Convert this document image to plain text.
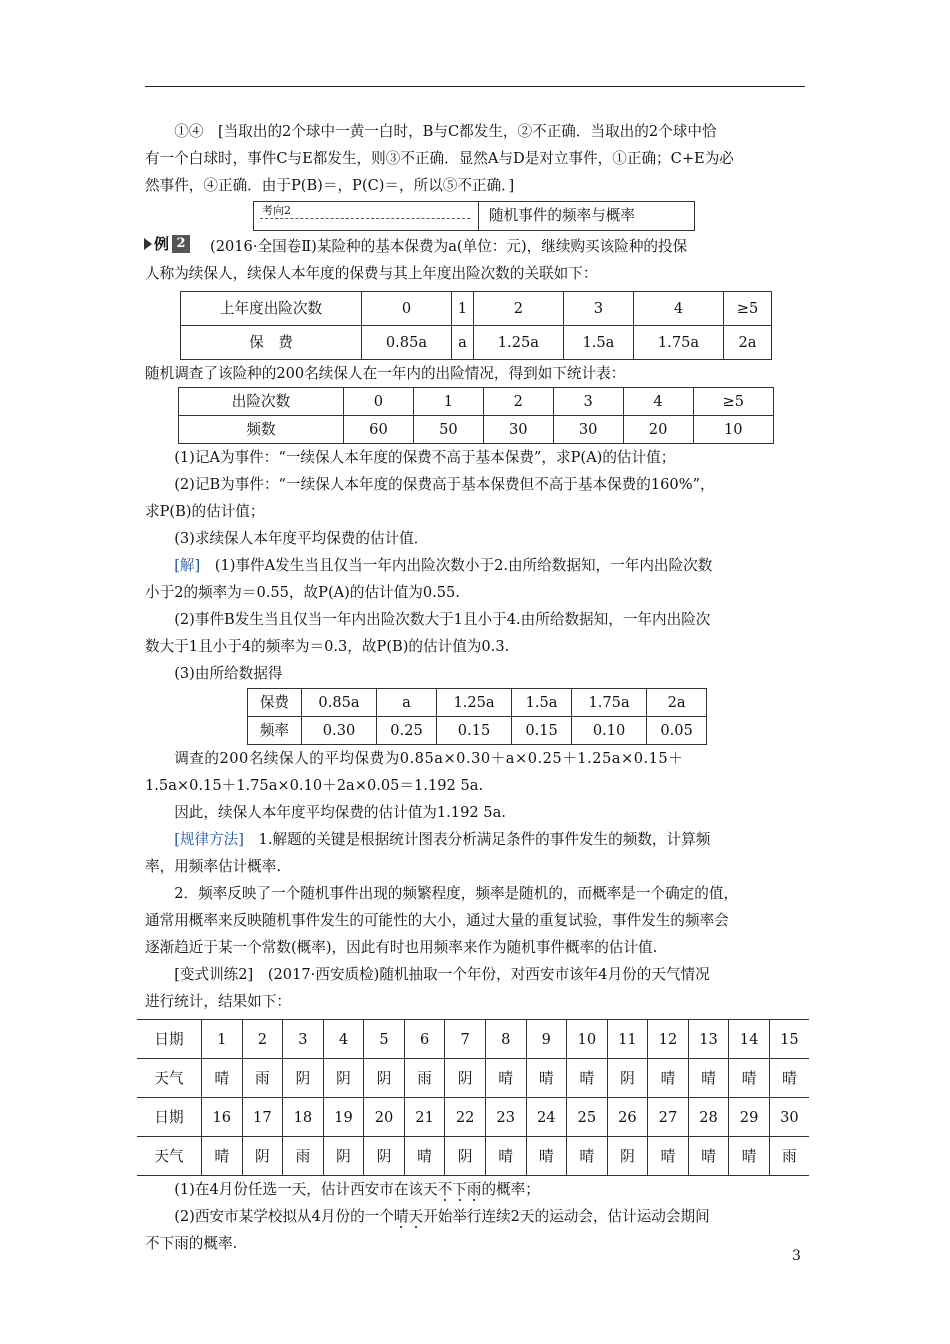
①④　[当取出的2个球中一黄一白时，B与C都发生，②不正确．当取出的2个球中恰

有一个白球时，事件C与E都发生，则③不正确．显然A与D是对立事件，①正确；C+E为必

然事件，④正确．由于P(B)＝，P(C)＝，所以⑤不正确．]

考向2	随机事件的频率与概率

例 2	(2016·全国卷Ⅱ)某险种的基本保费为a(单位：元)，继续购买该险种的投保

人称为续保人，续保人本年度的保费与其上年度出险次数的关联如下：

上年度出险次数	0	1	2	3	4	≥5
保　费	0.85a	a	1.25a	1.5a	1.75a	2a

随机调查了该险种的200名续保人在一年内的出险情况，得到如下统计表：

出险次数	0	1	2	3	4	≥5
频数	60	50	30	30	20	10

(1)记A为事件：“一续保人本年度的保费不高于基本保费”，求P(A)的估计值；

(2)记B为事件：“一续保人本年度的保费高于基本保费但不高于基本保费的160%”，

求P(B)的估计值；

(3)求续保人本年度平均保费的估计值．

[解]　(1)事件A发生当且仅当一年内出险次数小于2.由所给数据知，一年内出险次数

小于2的频率为＝0.55，故P(A)的估计值为0.55.

(2)事件B发生当且仅当一年内出险次数大于1且小于4.由所给数据知，一年内出险次

数大于1且小于4的频率为＝0.3，故P(B)的估计值为0.3.

(3)由所给数据得

保费	0.85a	a	1.25a	1.5a	1.75a	2a
频率	0.30	0.25	0.15	0.15	0.10	0.05

调查的200名续保人的平均保费为0.85a×0.30＋a×0.25＋1.25a×0.15＋

1.5a×0.15＋1.75a×0.10＋2a×0.05＝1.192 5a.

因此，续保人本年度平均保费的估计值为1.192 5a.

[规律方法]　1.解题的关键是根据统计图表分析满足条件的事件发生的频数，计算频

率，用频率估计概率.

2．频率反映了一个随机事件出现的频繁程度，频率是随机的，而概率是一个确定的值，

通常用概率来反映随机事件发生的可能性的大小，通过大量的重复试验，事件发生的频率会

逐渐趋近于某一个常数(概率)，因此有时也用频率来作为随机事件概率的估计值.

[变式训练2]　(2017·西安质检)随机抽取一个年份，对西安市该年4月份的天气情况

进行统计，结果如下：

日期	1	2	3	4	5	6	7	8	9	10	11	12	13	14	15
天气	晴	雨	阴	阴	阴	雨	阴	晴	晴	晴	阴	晴	晴	晴	晴
日期	16	17	18	19	20	21	22	23	24	25	26	27	28	29	30
天气	晴	阴	雨	阴	阴	晴	阴	晴	晴	晴	阴	晴	晴	晴	雨

(1)在4月份任选一天，估计西安市在该天不下雨的概率；

(2)西安市某学校拟从4月份的一个晴天开始举行连续2天的运动会，估计运动会期间

不下雨的概率.

3
